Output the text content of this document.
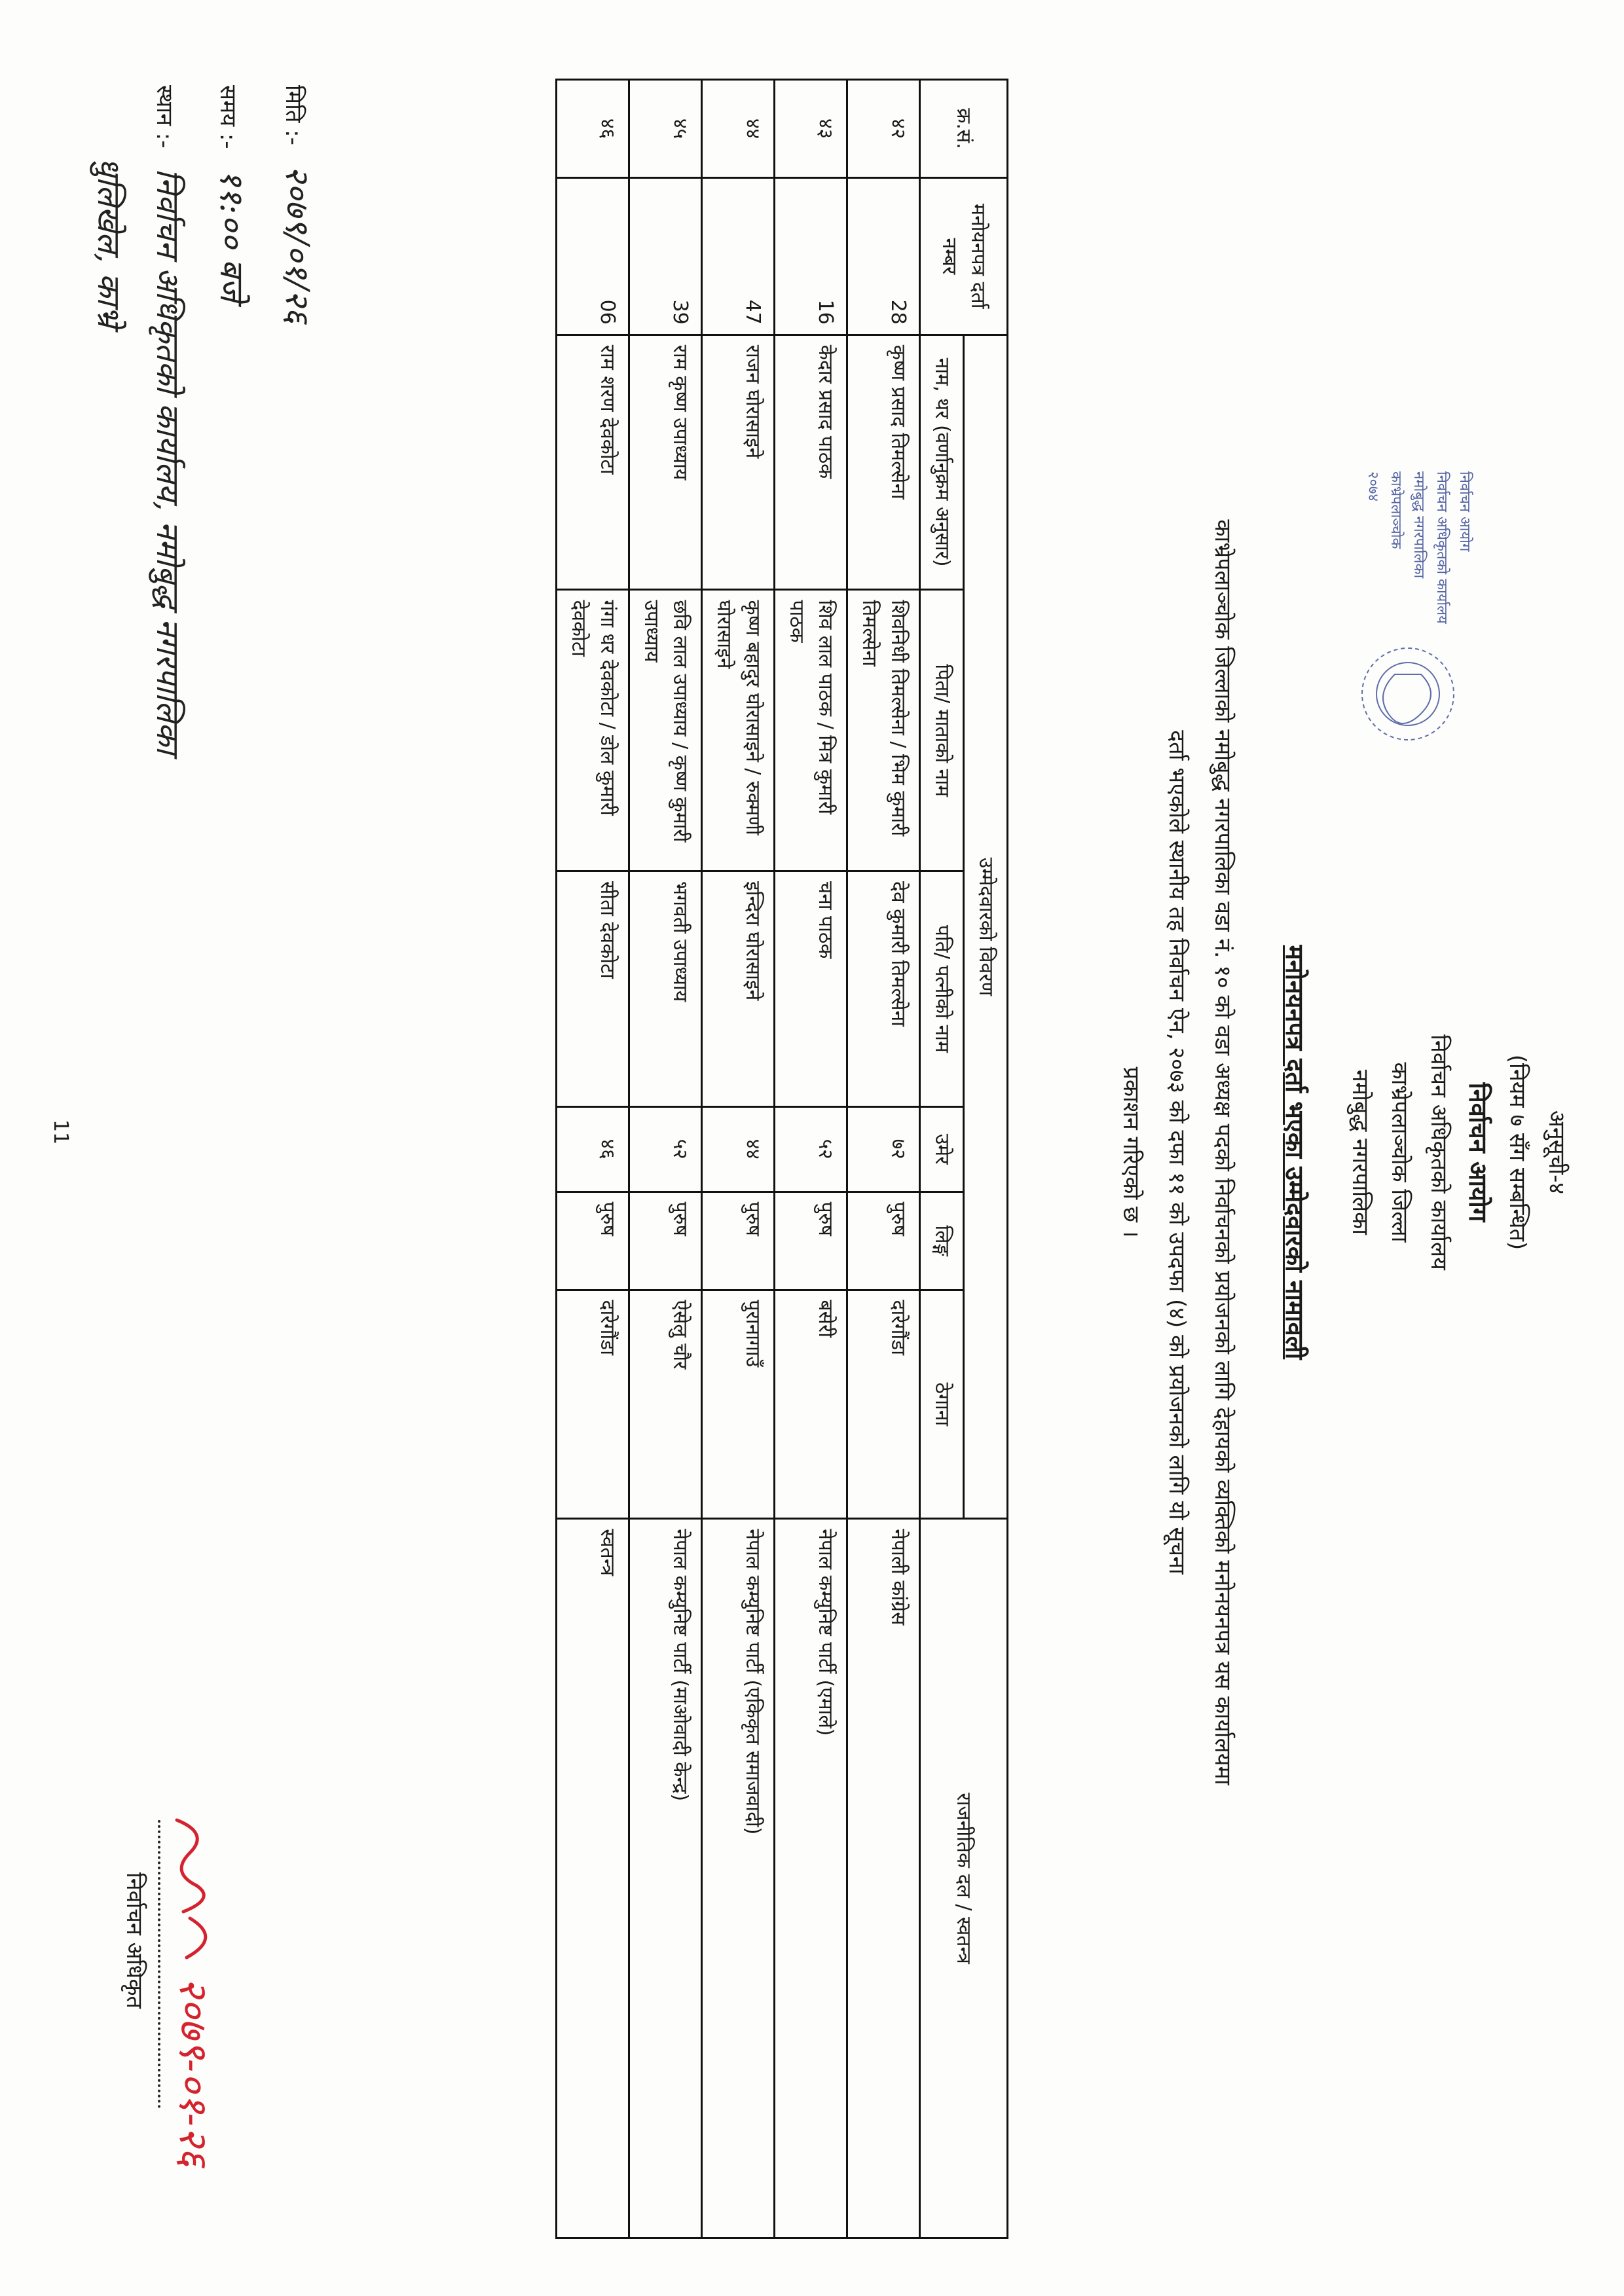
अनुसूची-४
(नियम ७ सँग सम्बन्धित)
निर्वाचन आयोग
निर्वाचन अधिकृतको कार्यालय
काभ्रेपलाञ्चोक जिल्ला
नमोबुद्ध नगरपालिका
मनोनयनपत्र दर्ता भएका उम्मेदवारको नामावली
निर्वाचन आयोग
निर्वाचन अधिकृतको कार्यालय
नमोबुद्ध नगरपालिका
काभ्रेपलाञ्चोक
२०७४
काभ्रेपलाञ्चोक जिल्लाको नमोबुद्ध नगरपालिका वडा नं. १० को वडा अध्यक्ष पदको निर्वाचनको प्रयोजनको लागि देहायको व्यक्तिको मनोनयनपत्र यस कार्यालयमा
दर्ता भएकोले स्थानीय तह निर्वाचन ऐन, २०७३ को दफा ११ को उपदफा (४) को प्रयोजनको लागि यो सूचना
प्रकाशन गरिएको छ ।
क्र.सं.	मनोयनपत्र दर्ता नम्बर	उम्मेदवारको विवरण						राजनीतिक दल / स्वतन्त्र
		नाम, थर (वर्णानुक्रम अनुसार)	पिता/ माताको नाम	पति/ पत्नीको नाम	उमेर	लिङ्ग	ठेगाना	
४२	28	कृष्ण प्रसाद तिमल्सेना	शिवनिधी तिमल्सेना / भिम कुमारी तिमल्सेना	देव कुमारी तिमल्सेना	७२	पुरुष	दारेगौंडा	नेपाली कांग्रेस
४३	16	केदार प्रसाद पाठक	शिव लाल पाठक / मित्र कुमारी पाठक	चना पाठक	५२	पुरुष	बसेरी	नेपाल कम्युनिष्ट पार्टी (एमाले)
४४	47	राजन घोरासाइने	कृष्ण बहादुर घोरासाइने / रुक्मणी घोरासाइने	इन्दिरा घोरासाइने	४४	पुरुष	पुरानागाउँ	नेपाल कम्युनिष्ट पार्टी (एकिकृत समाजवादी)
४५	39	राम कृष्ण उपाध्याय	छवि लाल उपाध्याय / कृष्ण कुमारी उपाध्याय	भगवती उपाध्याय	५२	पुरुष	ऐसेलु चौर	नेपाल कम्युनिष्ट पार्टी (माओवादी केन्द्र)
४६	06	राम शरण देवकोटा	गंगा धर देवकोटा / डोल कुमारी देवकोटा	सीता देवकोटा	४६	पुरुष	दारेगौंडा	स्वतन्त्र
मिति :- २०७९/०१/२६
समय :- ११:०० बजे
स्थान :- निर्वाचन अधिकृतको कार्यालय, नमोबुद्ध नगरपालिका
धुलिखेल, काभ्रे
२०७९-०१-२६
निर्वाचन अधिकृत
11
